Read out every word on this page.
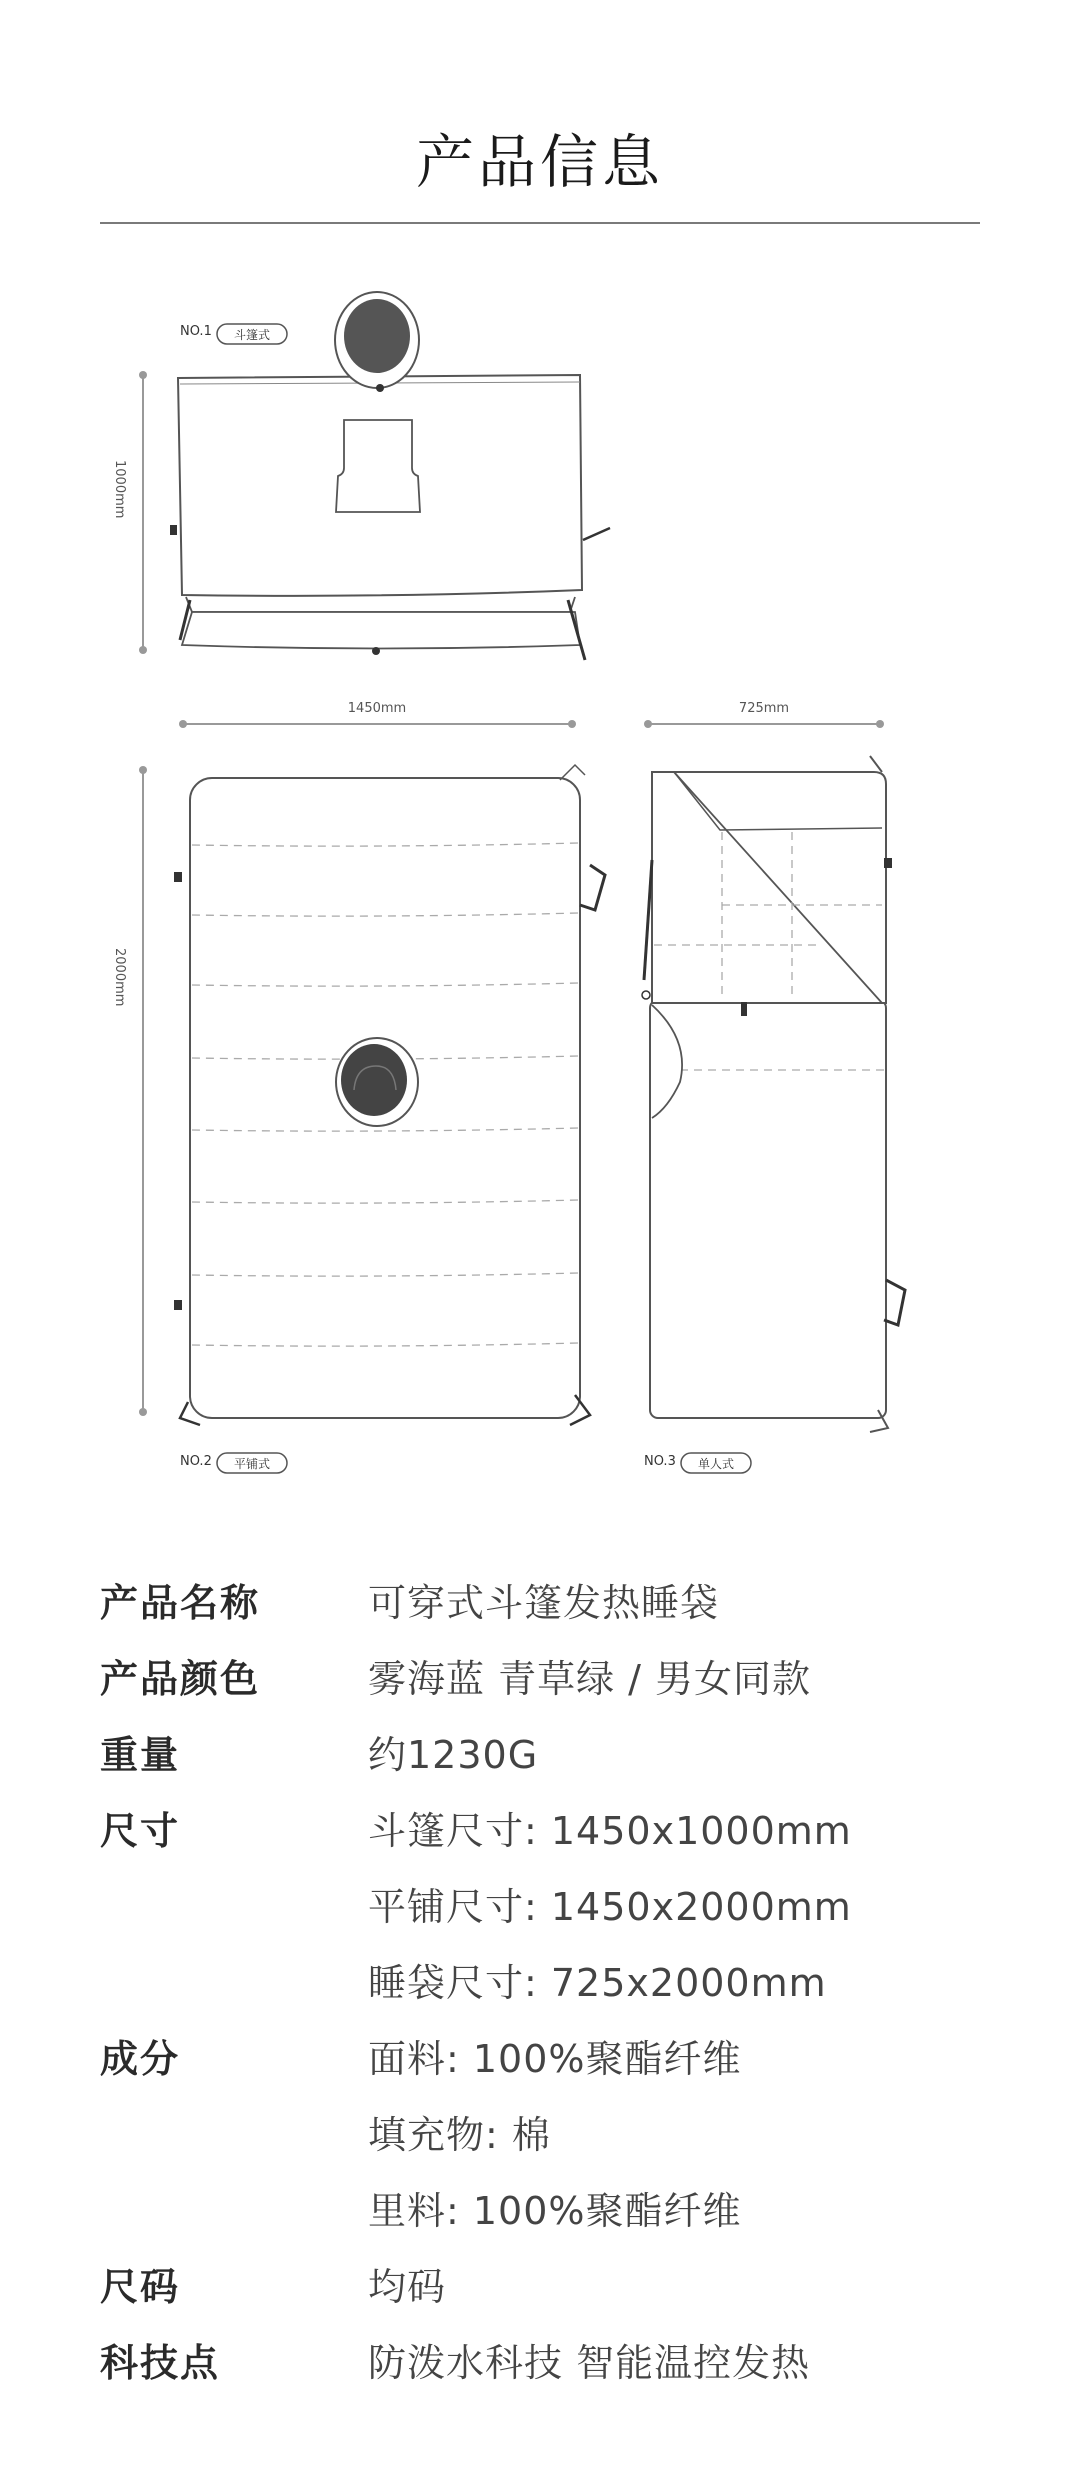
产品信息
NO.1 斗篷式
1000mm
1450mm
2000mm
NO.2 平铺式
725mm
NO.3 单人式
产品名称	可穿式斗篷发热睡袋
产品颜色	雾海蓝 青草绿 / 男女同款
重量	约1230G
尺寸	斗篷尺寸: 1450x1000mm
平铺尺寸: 1450x2000mm
睡袋尺寸: 725x2000mm
成分	面料: 100%聚酯纤维
填充物: 棉
里料: 100%聚酯纤维
尺码	均码
科技点	防泼水科技 智能温控发热
